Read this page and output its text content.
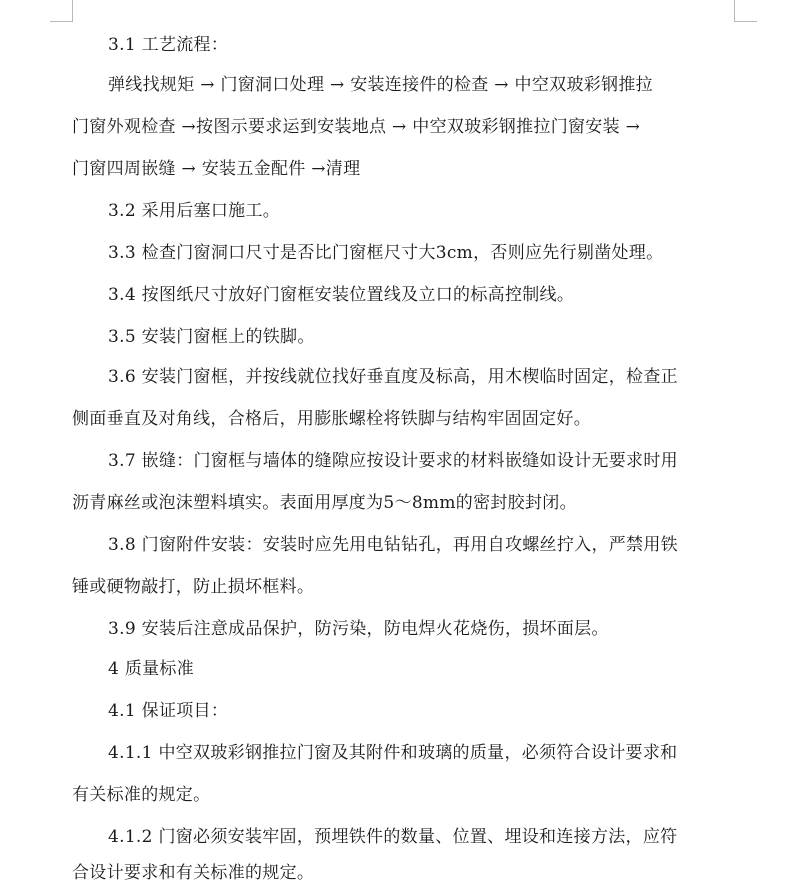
3.1 工艺流程：
弹线找规矩 → 门窗洞口处理 → 安装连接件的检查 → 中空双玻彩钢推拉
门窗外观检查 →按图示要求运到安装地点 → 中空双玻彩钢推拉门窗安装 →
门窗四周嵌缝 → 安装五金配件 →清理
3.2 采用后塞口施工。
3.3 检查门窗洞口尺寸是否比门窗框尺寸大3cm，否则应先行剔凿处理。
3.4 按图纸尺寸放好门窗框安装位置线及立口的标高控制线。
3.5 安装门窗框上的铁脚。
3.6 安装门窗框，并按线就位找好垂直度及标高，用木楔临时固定，检查正
侧面垂直及对角线，合格后，用膨胀螺栓将铁脚与结构牢固固定好。
3.7 嵌缝：门窗框与墙体的缝隙应按设计要求的材料嵌缝如设计无要求时用
沥青麻丝或泡沫塑料填实。表面用厚度为5～8mm的密封胶封闭。
3.8 门窗附件安装：安装时应先用电钻钻孔，再用自攻螺丝拧入，严禁用铁
锤或硬物敲打，防止损坏框料。
3.9 安装后注意成品保护，防污染，防电焊火花烧伤，损坏面层。
4 质量标准
4.1 保证项目：
4.1.1 中空双玻彩钢推拉门窗及其附件和玻璃的质量，必须符合设计要求和
有关标准的规定。
4.1.2 门窗必须安装牢固，预埋铁件的数量、位置、埋设和连接方法，应符
合设计要求和有关标准的规定。
